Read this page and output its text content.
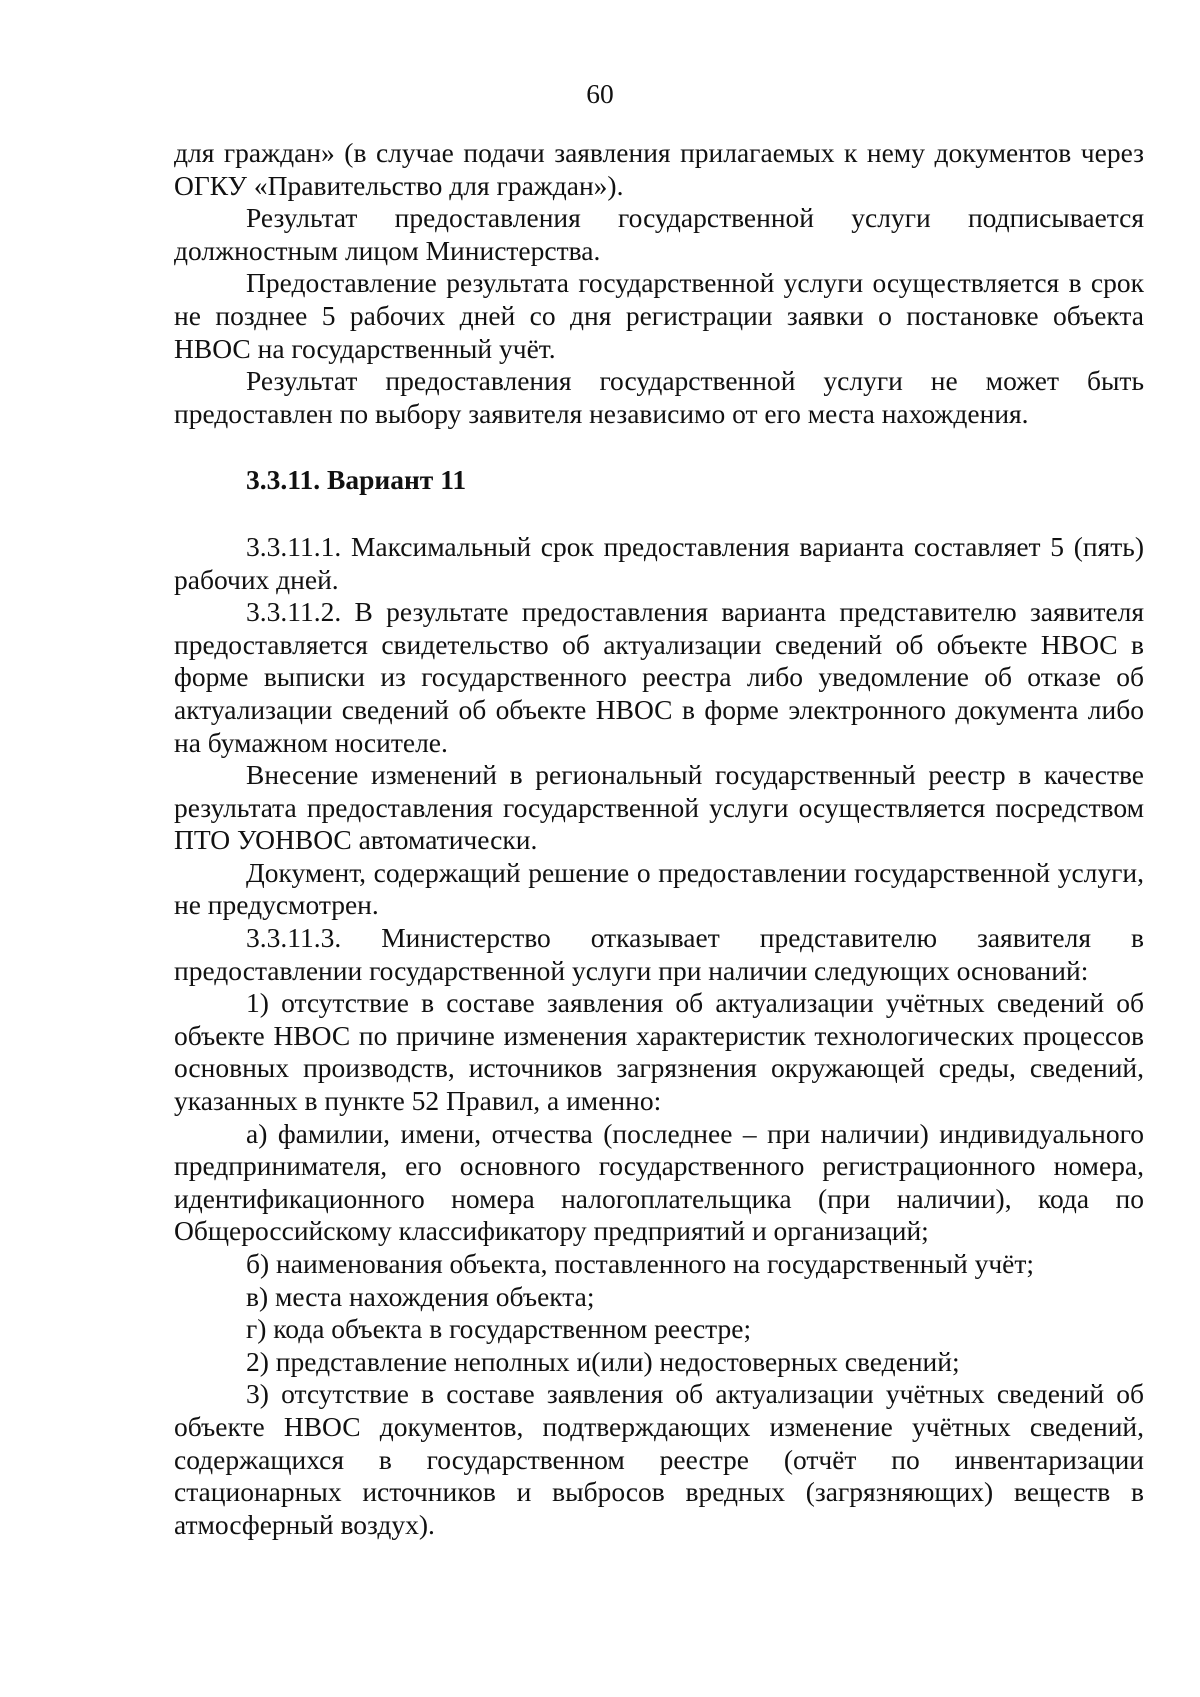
60

для граждан» (в случае подачи заявления прилагаемых к нему документов через ОГКУ «Правительство для граждан»).

Результат предоставления государственной услуги подписывается должностным лицом Министерства.

Предоставление результата государственной услуги осуществляется в срок не позднее 5 рабочих дней со дня регистрации заявки о постановке объекта НВОС на государственный учёт.

Результат предоставления государственной услуги не может быть предоставлен по выбору заявителя независимо от его места нахождения.

3.3.11. Вариант 11

3.3.11.1. Максимальный срок предоставления варианта составляет 5 (пять) рабочих дней.

3.3.11.2. В результате предоставления варианта представителю заявителя предоставляется свидетельство об актуализации сведений об объекте НВОС в форме выписки из государственного реестра либо уведомление об отказе об актуализации сведений об объекте НВОС в форме электронного документа либо на бумажном носителе.

Внесение изменений в региональный государственный реестр в качестве результата предоставления государственной услуги осуществляется посредством ПТО УОНВОС автоматически.

Документ, содержащий решение о предоставлении государственной услуги, не предусмотрен.

3.3.11.3. Министерство отказывает представителю заявителя в предоставлении государственной услуги при наличии следующих оснований:

1) отсутствие в составе заявления об актуализации учётных сведений об объекте НВОС по причине изменения характеристик технологических процессов основных производств, источников загрязнения окружающей среды, сведений, указанных в пункте 52 Правил, а именно:

а) фамилии, имени, отчества (последнее – при наличии) индивидуального предпринимателя, его основного государственного регистрационного номера, идентификационного номера налогоплательщика (при наличии), кода по Общероссийскому классификатору предприятий и организаций;

б) наименования объекта, поставленного на государственный учёт;

в) места нахождения объекта;

г) кода объекта в государственном реестре;

2) представление неполных и(или) недостоверных сведений;

3) отсутствие в составе заявления об актуализации учётных сведений об объекте НВОС документов, подтверждающих изменение учётных сведений, содержащихся в государственном реестре (отчёт по инвентаризации стационарных источников и выбросов вредных (загрязняющих) веществ в атмосферный воздух).
